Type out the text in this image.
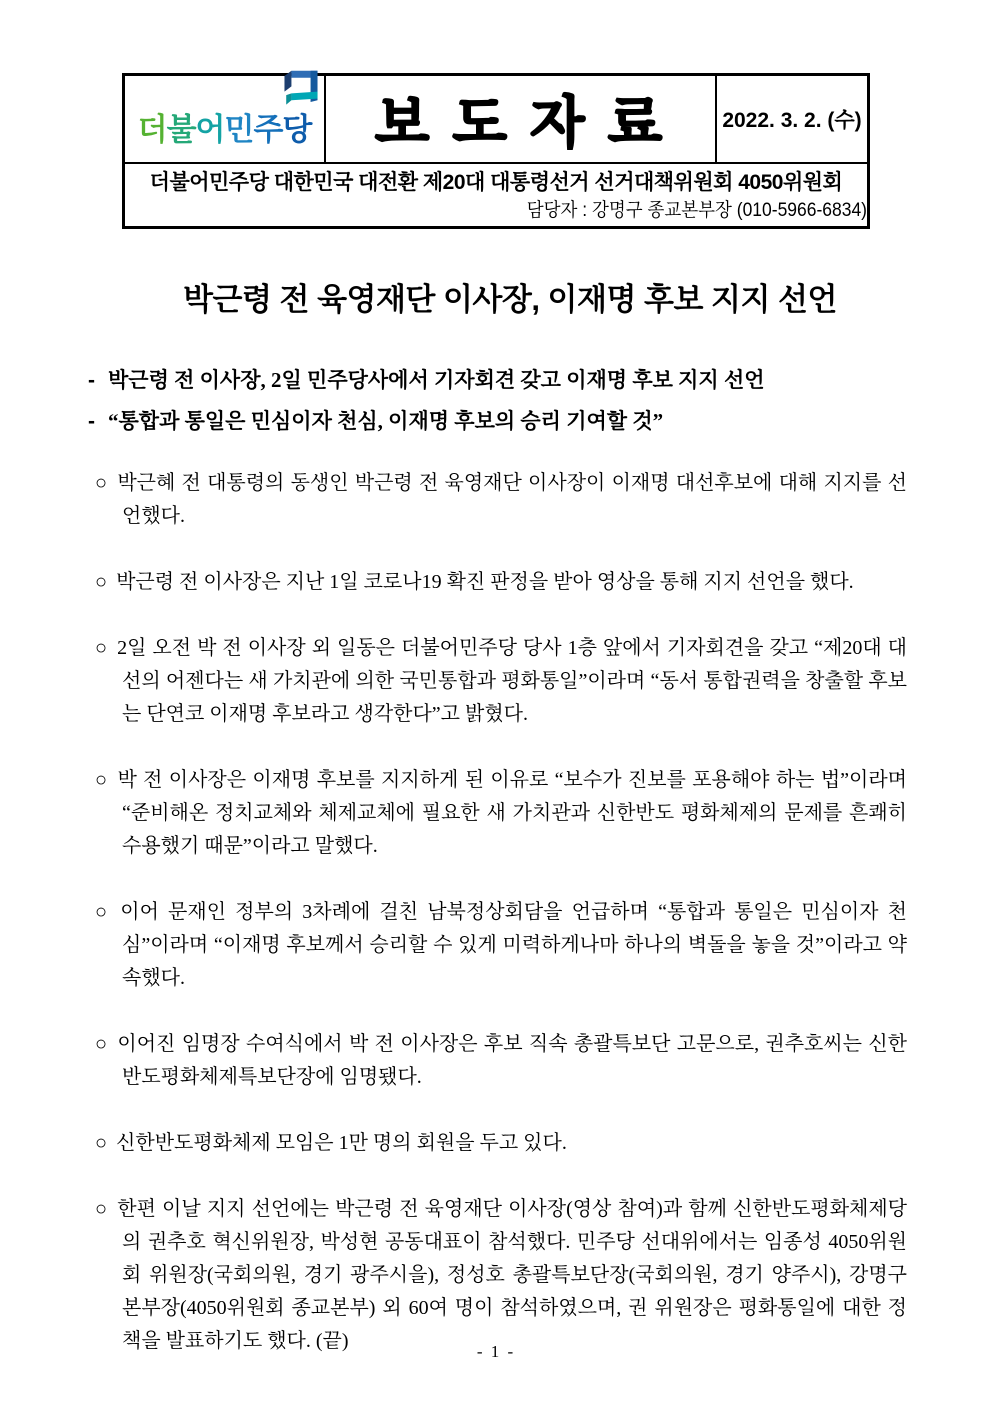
더불어민주당 보 도 자 료	2022. 3. 2. (수)
더불어민주당 대한민국 대전환 제20대 대통령선거 선거대책위원회 4050위원회
담당자 : 강명구 종교본부장 (010-5966-6834)
박근령 전 육영재단 이사장, 이재명 후보 지지 선언
- 박근령 전 이사장, 2일 민주당사에서 기자회견 갖고 이재명 후보 지지 선언
- “통합과 통일은 민심이자 천심, 이재명 후보의 승리 기여할 것”

○ 박근혜 전 대통령의 동생인 박근령 전 육영재단 이사장이 이재명 대선후보에 대해 지지를 선언했다.

○ 박근령 전 이사장은 지난 1일 코로나19 확진 판정을 받아 영상을 통해 지지 선언을 했다.

○ 2일 오전 박 전 이사장 외 일동은 더불어민주당 당사 1층 앞에서 기자회견을 갖고 “제20대 대선의 어젠다는 새 가치관에 의한 국민통합과 평화통일”이라며 “동서 통합권력을 창출할 후보는 단연코 이재명 후보라고 생각한다”고 밝혔다.

○ 박 전 이사장은 이재명 후보를 지지하게 된 이유로 “보수가 진보를 포용해야 하는 법”이라며 “준비해온 정치교체와 체제교체에 필요한 새 가치관과 신한반도 평화체제의 문제를 흔쾌히 수용했기 때문”이라고 말했다.

○ 이어 문재인 정부의 3차례에 걸친 남북정상회담을 언급하며 “통합과 통일은 민심이자 천심”이라며 “이재명 후보께서 승리할 수 있게 미력하게나마 하나의 벽돌을 놓을 것”이라고 약속했다.

○ 이어진 임명장 수여식에서 박 전 이사장은 후보 직속 총괄특보단 고문으로, 권추호씨는 신한반도평화체제특보단장에 임명됐다.

○ 신한반도평화체제 모임은 1만 명의 회원을 두고 있다.

○ 한편 이날 지지 선언에는 박근령 전 육영재단 이사장(영상 참여)과 함께 신한반도평화체제당의 권추호 혁신위원장, 박성현 공동대표이 참석했다. 민주당 선대위에서는 임종성 4050위원회 위원장(국회의원, 경기 광주시을), 정성호 총괄특보단장(국회의원, 경기 양주시), 강명구 본부장(4050위원회 종교본부) 외 60여 명이 참석하였으며, 권 위원장은 평화통일에 대한 정책을 발표하기도 했다. (끝)	- 1 -
